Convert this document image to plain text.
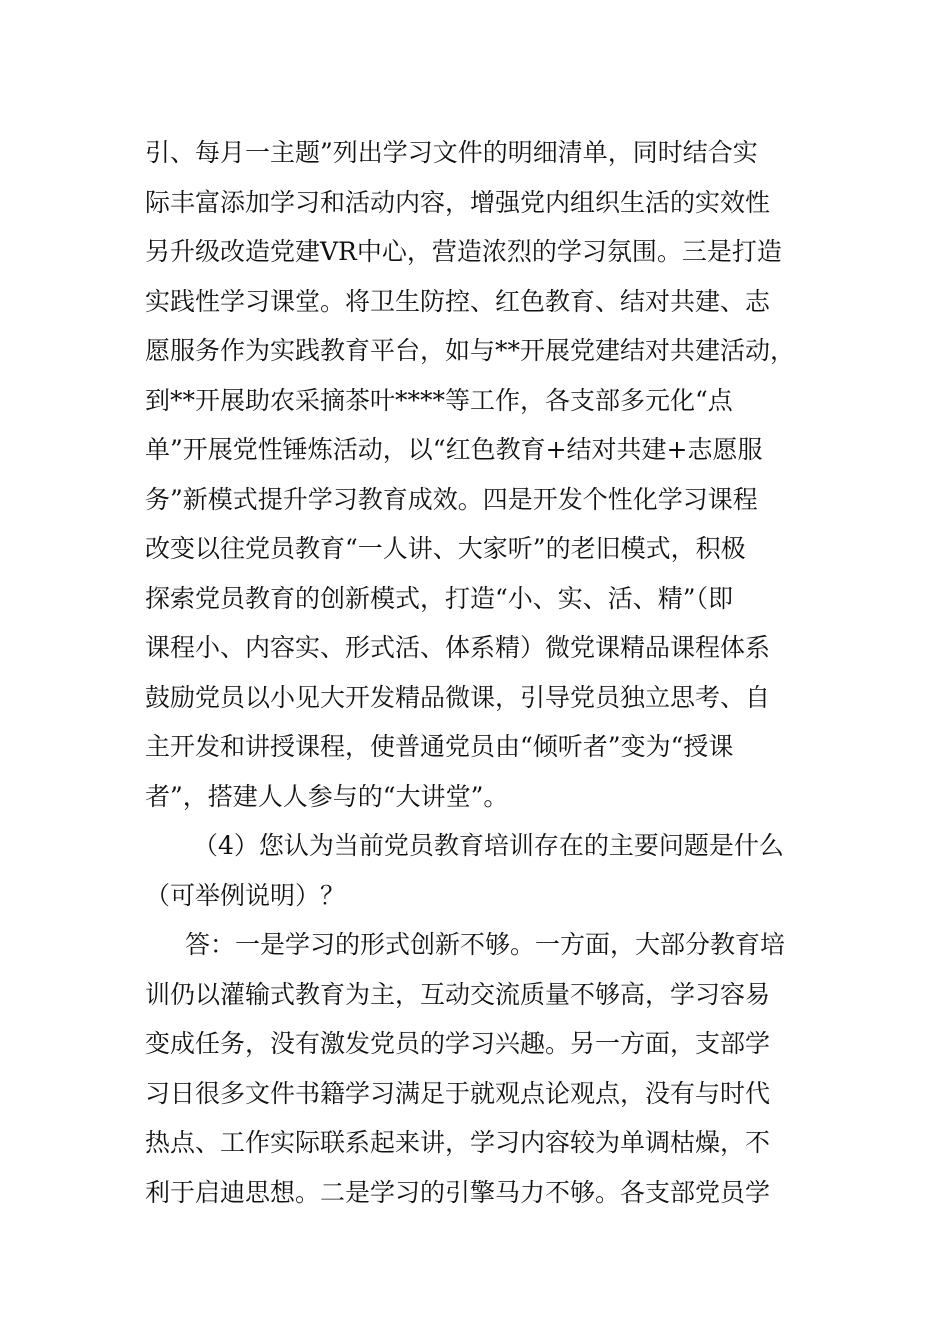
引、每月一主题”列出学习文件的明细清单，同时结合实
际丰富添加学习和活动内容，增强党内组织生活的实效性
另升级改造党建VR中心，营造浓烈的学习氛围。三是打造
实践性学习课堂。将卫生防控、红色教育、结对共建、志
愿服务作为实践教育平台，如与**开展党建结对共建活动，
到**开展助农采摘茶叶****等工作，各支部多元化“点
单”开展党性锤炼活动，以“红色教育+结对共建+志愿服
务”新模式提升学习教育成效。四是开发个性化学习课程
改变以往党员教育“一人讲、大家听”的老旧模式，积极
探索党员教育的创新模式，打造“小、实、活、精”（即
课程小、内容实、形式活、体系精）微党课精品课程体系
鼓励党员以小见大开发精品微课，引导党员独立思考、自
主开发和讲授课程，使普通党员由“倾听者”变为“授课
者”，搭建人人参与的“大讲堂”。
（4）您认为当前党员教育培训存在的主要问题是什么
（可举例说明）？
答：一是学习的形式创新不够。一方面，大部分教育培
训仍以灌输式教育为主，互动交流质量不够高，学习容易
变成任务，没有激发党员的学习兴趣。另一方面，支部学
习日很多文件书籍学习满足于就观点论观点，没有与时代
热点、工作实际联系起来讲，学习内容较为单调枯燥，不
利于启迪思想。二是学习的引擎马力不够。各支部党员学
